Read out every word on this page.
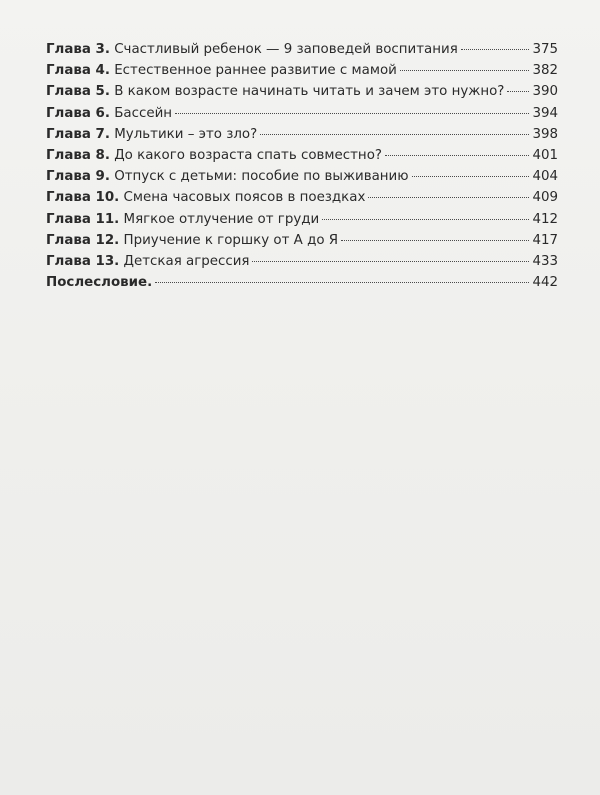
Глава 3. Счастливый ребенок — 9 заповедей воспитания	375
Глава 4. Естественное раннее развитие с мамой	382
Глава 5. В каком возрасте начинать читать и зачем это нужно? 390
Глава 6. Бассейн	394
Глава 7. Мультики – это зло?	398
Глава 8. До какого возраста спать совместно?	401
Глава 9. Отпуск с детьми: пособие по выживанию	404
Глава 10. Смена часовых поясов в поездках	409
Глава 11. Мягкое отлучение от груди	412
Глава 12. Приучение к горшку от А до Я	417
Глава 13. Детская агрессия	433
Послесловие.	442
